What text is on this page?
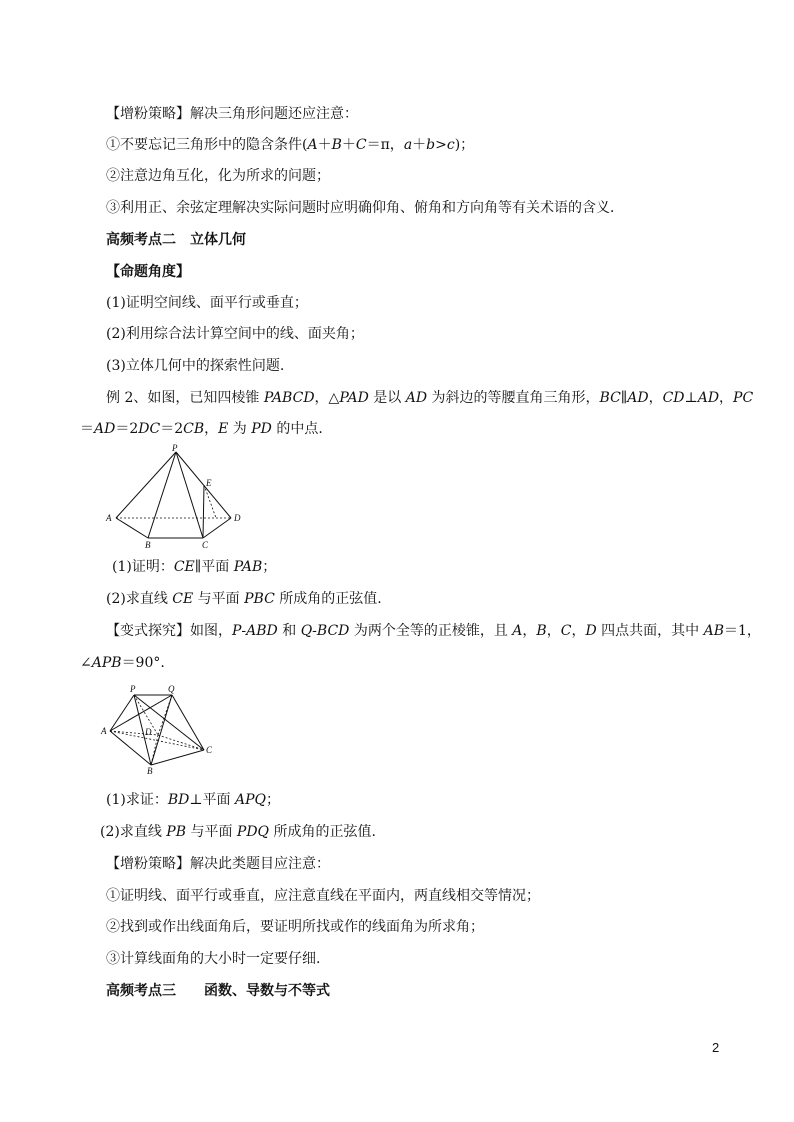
【增粉策略】解决三角形问题还应注意：
①不要忘记三角形中的隐含条件(A＋B＋C＝π，a＋b>c)；
②注意边角互化，化为所求的问题；
③利用正、余弦定理解决实际问题时应明确仰角、俯角和方向角等有关术语的含义．
高频考点二　立体几何
【命题角度】
(1)证明空间线、面平行或垂直；
(2)利用综合法计算空间中的线、面夹角；
(3)立体几何中的探索性问题.
例 2、如图，已知四棱锥 PABCD，△PAD 是以 AD 为斜边的等腰直角三角形，BC∥AD，CD⊥AD，PC
＝AD＝2DC＝2CB，E 为 PD 的中点.
P
E
A	D
B	C
(1)证明：CE∥平面 PAB；
(2)求直线 CE 与平面 PBC 所成角的正弦值.
【变式探究】如图，P-ABD 和 Q-BCD 为两个全等的正棱锥，且 A，B，C，D 四点共面，其中 AB＝1，
∠APB＝90°.
P	Q
A	D
B
C
(1)求证：BD⊥平面 APQ；
(2)求直线 PB 与平面 PDQ 所成角的正弦值.
【增粉策略】解决此类题目应注意：
①证明线、面平行或垂直，应注意直线在平面内，两直线相交等情况；
②找到或作出线面角后，要证明所找或作的线面角为所求角；
③计算线面角的大小时一定要仔细.
高频考点三　　函数、导数与不等式
2
